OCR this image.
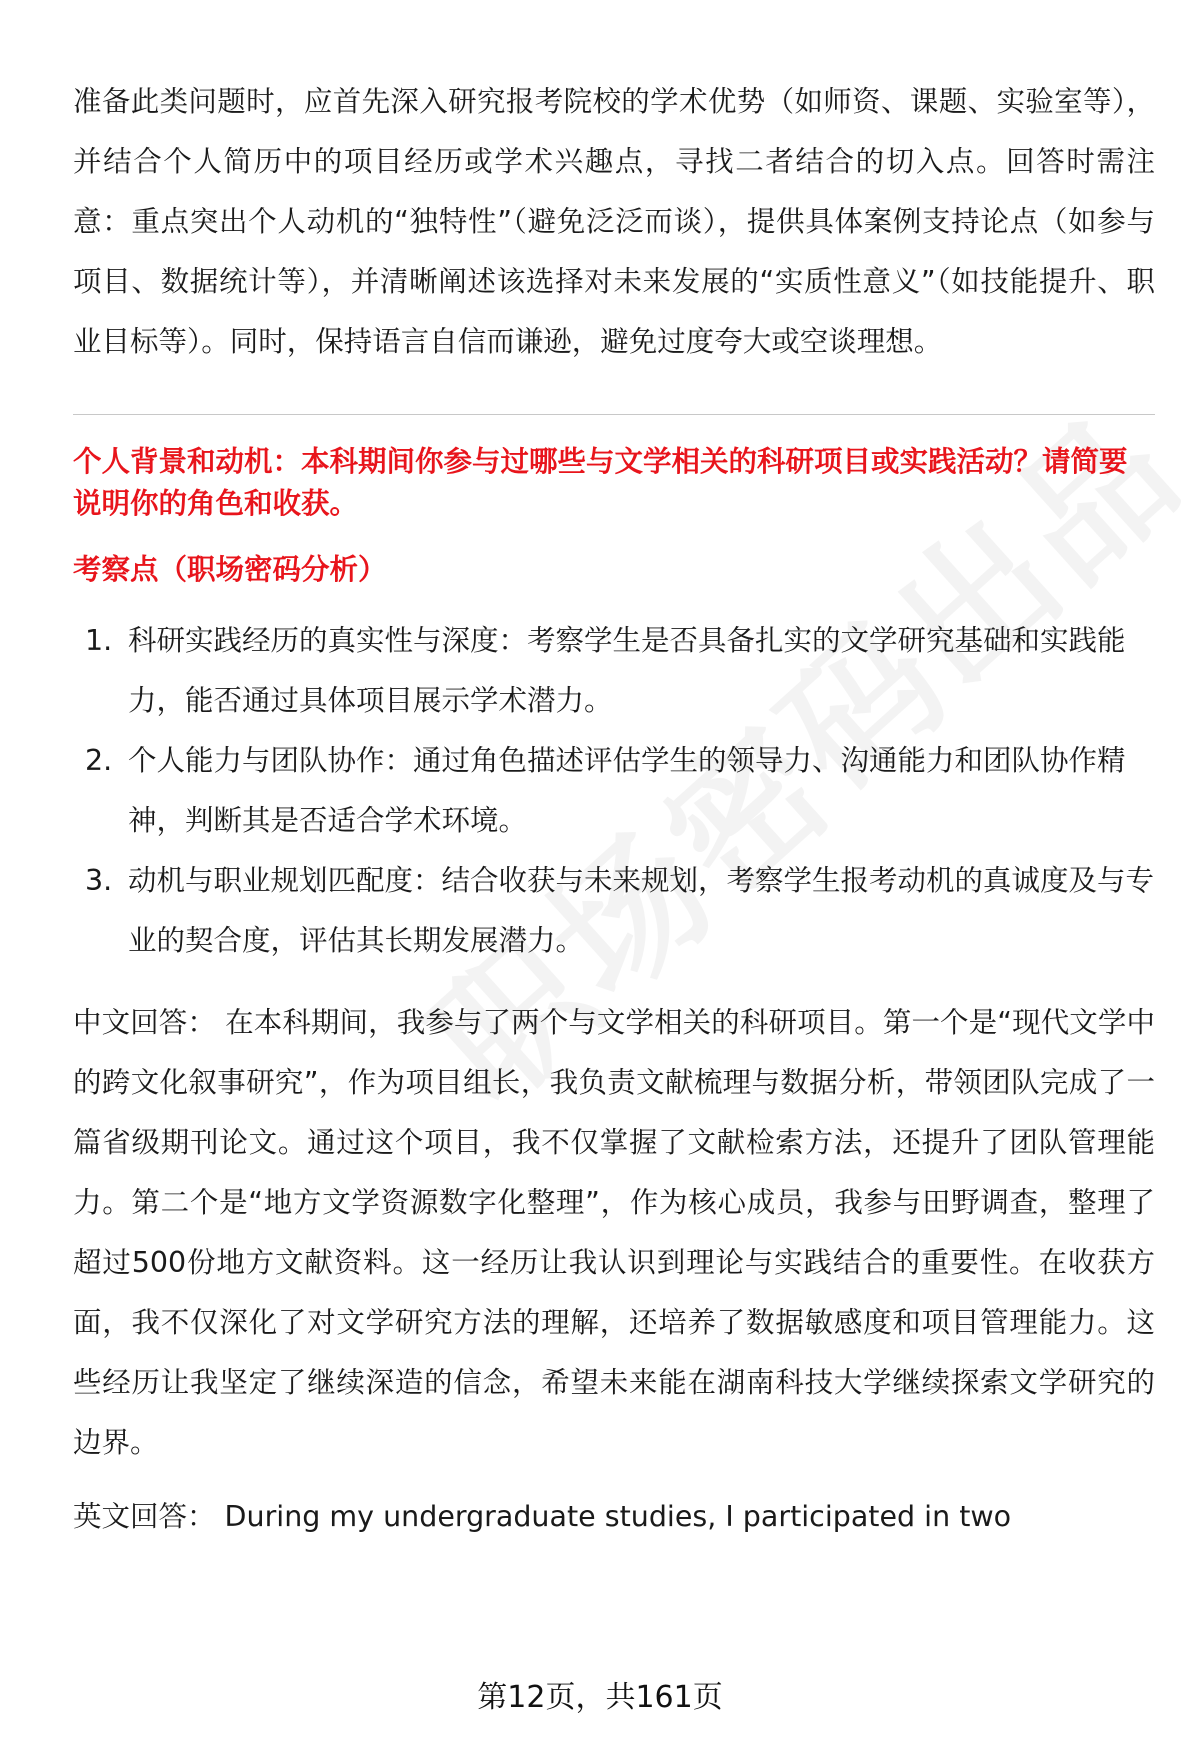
准备此类问题时，应首先深入研究报考院校的学术优势（如师资、课题、实验室等），并结合个人简历中的项目经历或学术兴趣点，寻找二者结合的切入点。回答时需注意：重点突出个人动机的“独特性”（避免泛泛而谈），提供具体案例支持论点（如参与项目、数据统计等），并清晰阐述该选择对未来发展的“实质性意义”（如技能提升、职业目标等）。同时，保持语言自信而谦逊，避免过度夸大或空谈理想。

个人背景和动机：本科期间你参与过哪些与文学相关的科研项目或实践活动？请简要说明你的角色和收获。

考察点（职场密码分析）

1. 科研实践经历的真实性与深度：考察学生是否具备扎实的文学研究基础和实践能力，能否通过具体项目展示学术潜力。
2. 个人能力与团队协作：通过角色描述评估学生的领导力、沟通能力和团队协作精神，判断其是否适合学术环境。
3. 动机与职业规划匹配度：结合收获与未来规划，考察学生报考动机的真诚度及与专业的契合度，评估其长期发展潜力。

中文回答： 在本科期间，我参与了两个与文学相关的科研项目。第一个是“现代文学中的跨文化叙事研究”，作为项目组长，我负责文献梳理与数据分析，带领团队完成了一篇省级期刊论文。通过这个项目，我不仅掌握了文献检索方法，还提升了团队管理能力。第二个是“地方文学资源数字化整理”，作为核心成员，我参与田野调查，整理了超过500份地方文献资料。这一经历让我认识到理论与实践结合的重要性。在收获方面，我不仅深化了对文学研究方法的理解，还培养了数据敏感度和项目管理能力。这些经历让我坚定了继续深造的信念，希望未来能在湖南科技大学继续探索文学研究的边界。

英文回答： During my undergraduate studies, I participated in two

第12页，共161页
